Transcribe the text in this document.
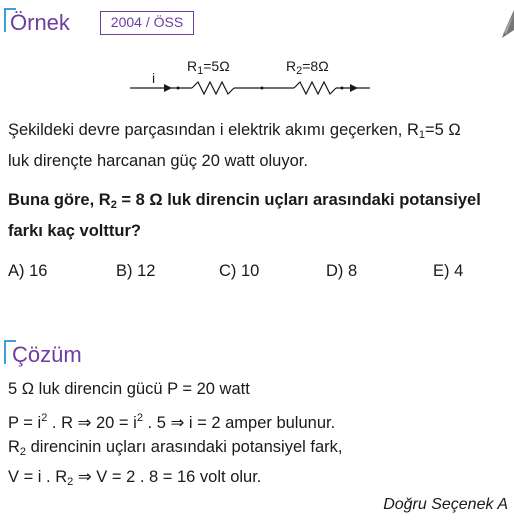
Örnek	2004 / ÖSS
i
$R_1=5\Omega$	$R_2=8\Omega$
Şekildeki devre parçasından i elektrik akımı geçerken, $R_1=5$ Ω
luk dirençte harcanan güç 20 watt oluyor.
Buna göre, $R_2 = 8$ Ω luk direncin uçları arasındaki potansiyel
farkı kaç volttur?
A) 16	B) 12	C) 10	D) 8	E) 4
Çözüm
5 Ω luk direncin gücü P = 20 watt
$P = i^2$ . R ⇒ $20 = i^2$ . 5 ⇒ i = 2 amper bulunur.
$R_2$ direncinin uçları arasındaki potansiyel fark,
V = i . $R_2$ ⇒ V = 2 . 8 = 16 volt olur.
Doğru Seçenek A
